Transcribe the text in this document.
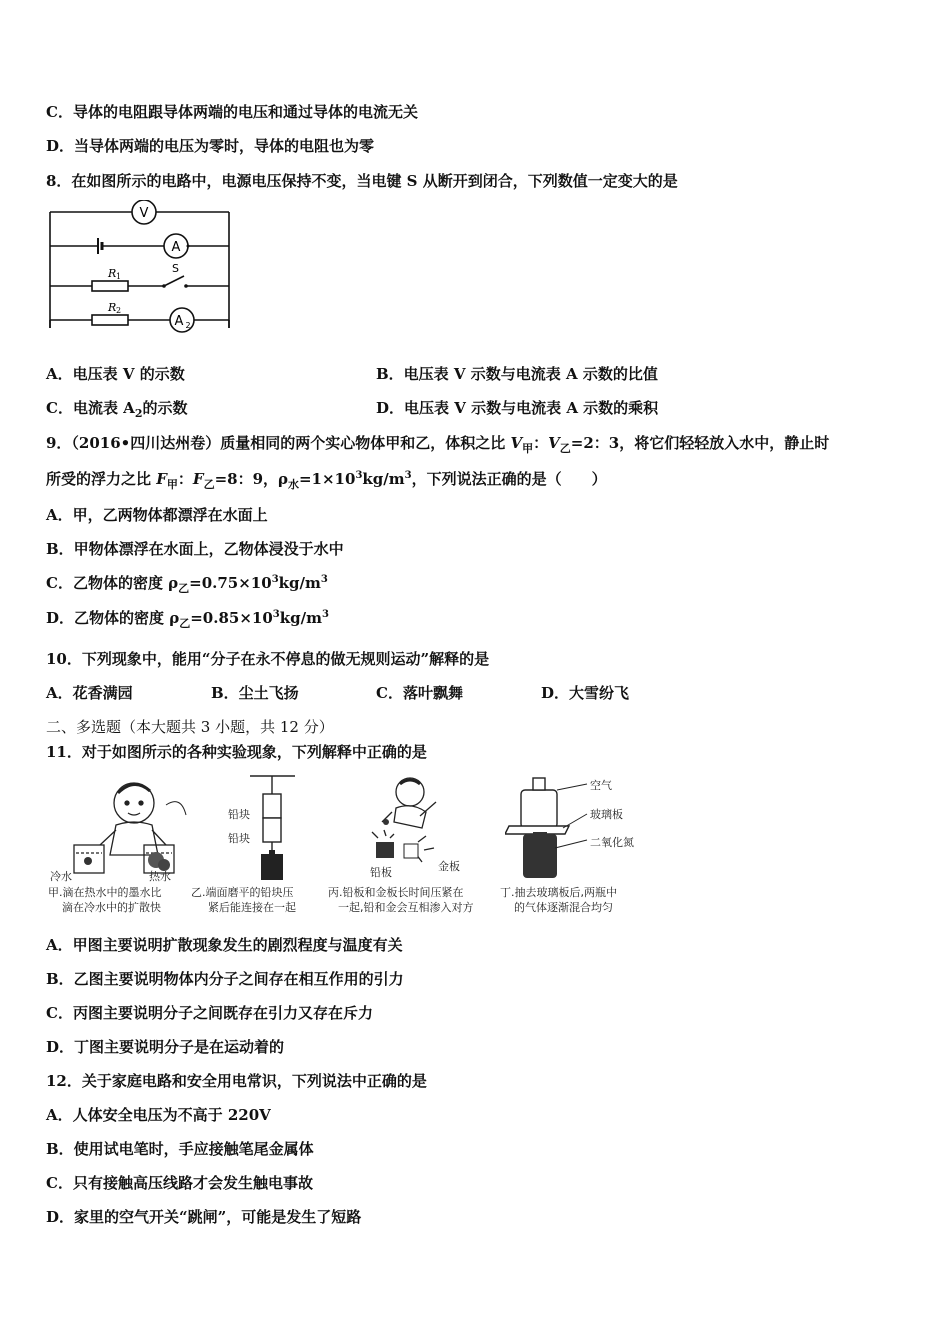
C．导体的电阻跟导体两端的电压和通过导体的电流无关
D．当导体两端的电压为零时，导体的电阻也为零
8．在如图所示的电路中，电源电压保持不变，当电键 S 从断开到闭合，下列数值一定变大的是
V
A
A 2
R 1
R 2
S
A．电压表 V 的示数	B．电压表 V 示数与电流表 A 示数的比值
C．电流表 $A_2$的示数	D．电压表 V 示数与电流表 A 示数的乘积
9．（2016•四川达州卷）质量相同的两个实心物体甲和乙，体积之比 $V_甲$：$V_乙=2$：3，将它们轻轻放入水中，静止时
所受的浮力之比 $F_甲$：$F_乙=8$：9，$\rho_水=1\times 10^3kg/m^3$，下列说法正确的是（　　）
A．甲，乙两物体都漂浮在水面上
B．甲物体漂浮在水面上，乙物体浸没于水中
C．乙物体的密度 $\rho_乙=0.75\times 10^3kg/m^3$
D．乙物体的密度 $\rho_乙=0.85\times 10^3kg/m^3$
10．下列现象中，能用“分子在永不停息的做无规则运动”解释的是
A．花香满园	B．尘土飞扬	C．落叶飘舞	D．大雪纷飞
二、多选题（本大题共 3 小题，共 12 分）
11．对于如图所示的各种实验现象，下列解释中正确的是
冷水	热水
甲.滴在热水中的墨水比
滴在冷水中的扩散快
铅块
铅块
乙.端面磨平的铅块压
紧后能连接在一起
铅板	金板
丙.铅板和金板长时间压紧在
一起,铅和金会互相渗入对方
空气
玻璃板
二氧化氮
丁.抽去玻璃板后,两瓶中
的气体逐渐混合均匀
A．甲图主要说明扩散现象发生的剧烈程度与温度有关
B．乙图主要说明物体内分子之间存在相互作用的引力
C．丙图主要说明分子之间既存在引力又存在斥力
D．丁图主要说明分子是在运动着的
12．关于家庭电路和安全用电常识，下列说法中正确的是
A．人体安全电压为不高于 220V
B．使用试电笔时，手应接触笔尾金属体
C．只有接触高压线路才会发生触电事故
D．家里的空气开关“跳闸”，可能是发生了短路
